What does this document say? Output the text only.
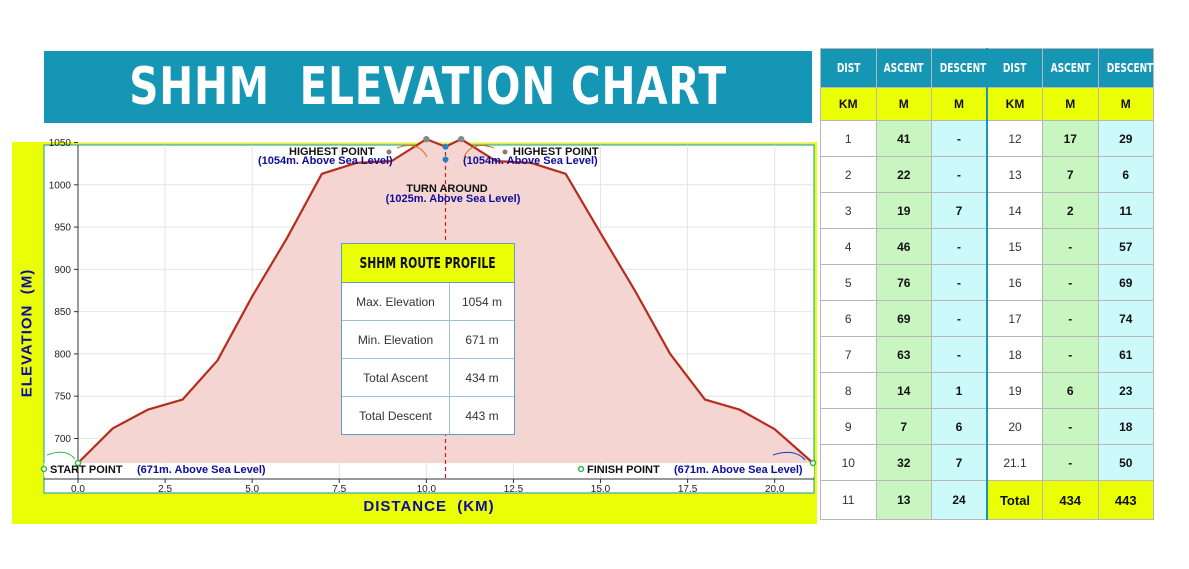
SHHM  ELEVATION CHART
0.0	2.5	5.0	7.5	10.0	12.5	15.0	17.5	20.0
700
750
800
850
900
950
1000
1050
HIGHEST POINT
(1054m. Above Sea Level)
HIGHEST POINT
(1054m. Above Sea Level)
TURN AROUND
(1025m. Above Sea Level)
START POINT (671m. Above Sea Level)	FINISH POINT (671m. Above Sea Level)
ELEVATION  (M)
DISTANCE  (KM)
SHHM ROUTE PROFILE
Max. Elevation	1054 m
Min. Elevation	671 m
Total Ascent	434 m
Total Descent	443 m
DIST	ASCENT	DESCENT	DIST	ASCENT	DESCENT
KM	M	M	KM	M	M
1	41	-	12	17	29
2	22	-	13	7	6
3	19	7	14	2	11
4	46	-	15	-	57
5	76	-	16	-	69
6	69	-	17	-	74
7	63	-	18	-	61
8	14	1	19	6	23
9	7	6	20	-	18
10	32	7	21.1	-	50
11	13	24	Total	434	443
